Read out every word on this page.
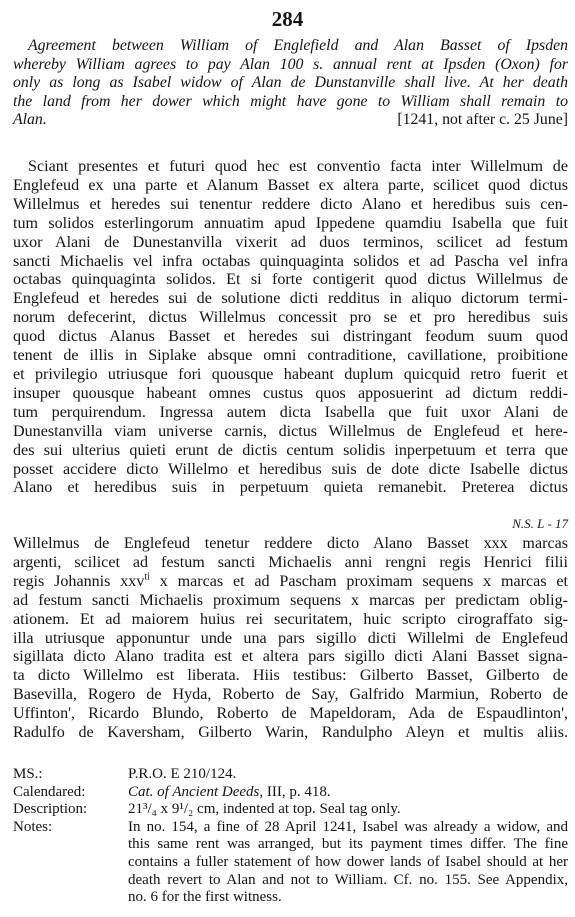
284
Agreement between William of Englefield and Alan Basset of Ipsden
whereby William agrees to pay Alan 100 s. annual rent at Ipsden (Oxon) for
only as long as Isabel widow of Alan de Dunstanville shall live. At her death
the land from her dower which might have gone to William shall remain to

Alan.	[1241, not after c. 25 June]

Sciant presentes et futuri quod hec est conventio facta inter Willelmum de
Englefeud ex una parte et Alanum Basset ex altera parte, scilicet quod dictus
Willelmus et heredes sui tenentur reddere dicto Alano et heredibus suis cen-
tum solidos esterlingorum annuatim apud Ippedene quamdiu Isabella que fuit
uxor Alani de Dunestanvilla vixerit ad duos terminos, scilicet ad festum
sancti Michaelis vel infra octabas quinquaginta solidos et ad Pascha vel infra
octabas quinquaginta solidos. Et si forte contigerit quod dictus Willelmus de
Englefeud et heredes sui de solutione dicti redditus in aliquo dictorum termi-
norum defecerint, dictus Willelmus concessit pro se et pro heredibus suis
quod dictus Alanus Basset et heredes sui distringant feodum suum quod
tenent de illis in Siplake absque omni contraditione, cavillatione, proibitione
et privilegio utriusque fori quousque habeant duplum quicquid retro fuerit et
insuper quousque habeant omnes custus quos apposuerint ad dictum reddi-
tum perquirendum. Ingressa autem dicta Isabella que fuit uxor Alani de
Dunestanvilla viam universe carnis, dictus Willelmus de Englefeud et here-
des sui ulterius quieti erunt de dictis centum solidis inperpetuum et terra que
posset accidere dicto Willelmo et heredibus suis de dote dicte Isabelle dictus
Alano et heredibus suis in perpetuum quieta remanebit. Preterea dictus
N.S. L - 17
Willelmus de Englefeud tenetur reddere dicto Alano Basset xxx marcas
argenti, scilicet ad festum sancti Michaelis anni rengni regis Henrici filii
regis Johannis xxv$^{ti}$ x marcas et ad Pascham proximam sequens x marcas et
ad festum sancti Michaelis proximum sequens x marcas per predictam oblig-
ationem. Et ad maiorem huius rei securitatem, huic scripto cirograffato sig-
illa utriusque apponuntur unde una pars sigillo dicti Willelmi de Englefeud
sigillata dicto Alano tradita est et altera pars sigillo dicti Alani Basset signa-
ta dicto Willelmo est liberata. Hiis testibus: Gilberto Basset, Gilberto de
Basevilla, Rogero de Hyda, Roberto de Say, Galfrido Marmiun, Roberto de
Uffinton', Ricardo Blundo, Roberto de Mapeldoram, Ada de Espaudlinton',
Radulfo de Kaversham, Gilberto Warin, Randulpho Aleyn et multis aliis.
MS.:	P.R.O. E 210/124.
Calendared:	Cat. of Ancient Deeds, III, p. 418.
Description:	21³/₄ x 9¹/₂ cm, indented at top. Seal tag only.
Notes:	In no. 154, a fine of 28 April 1241, Isabel was already a widow, and
this same rent was arranged, but its payment times differ. The fine
contains a fuller statement of how dower lands of Isabel should at her
death revert to Alan and not to William. Cf. no. 155. See Appendix,
no. 6 for the first witness.
